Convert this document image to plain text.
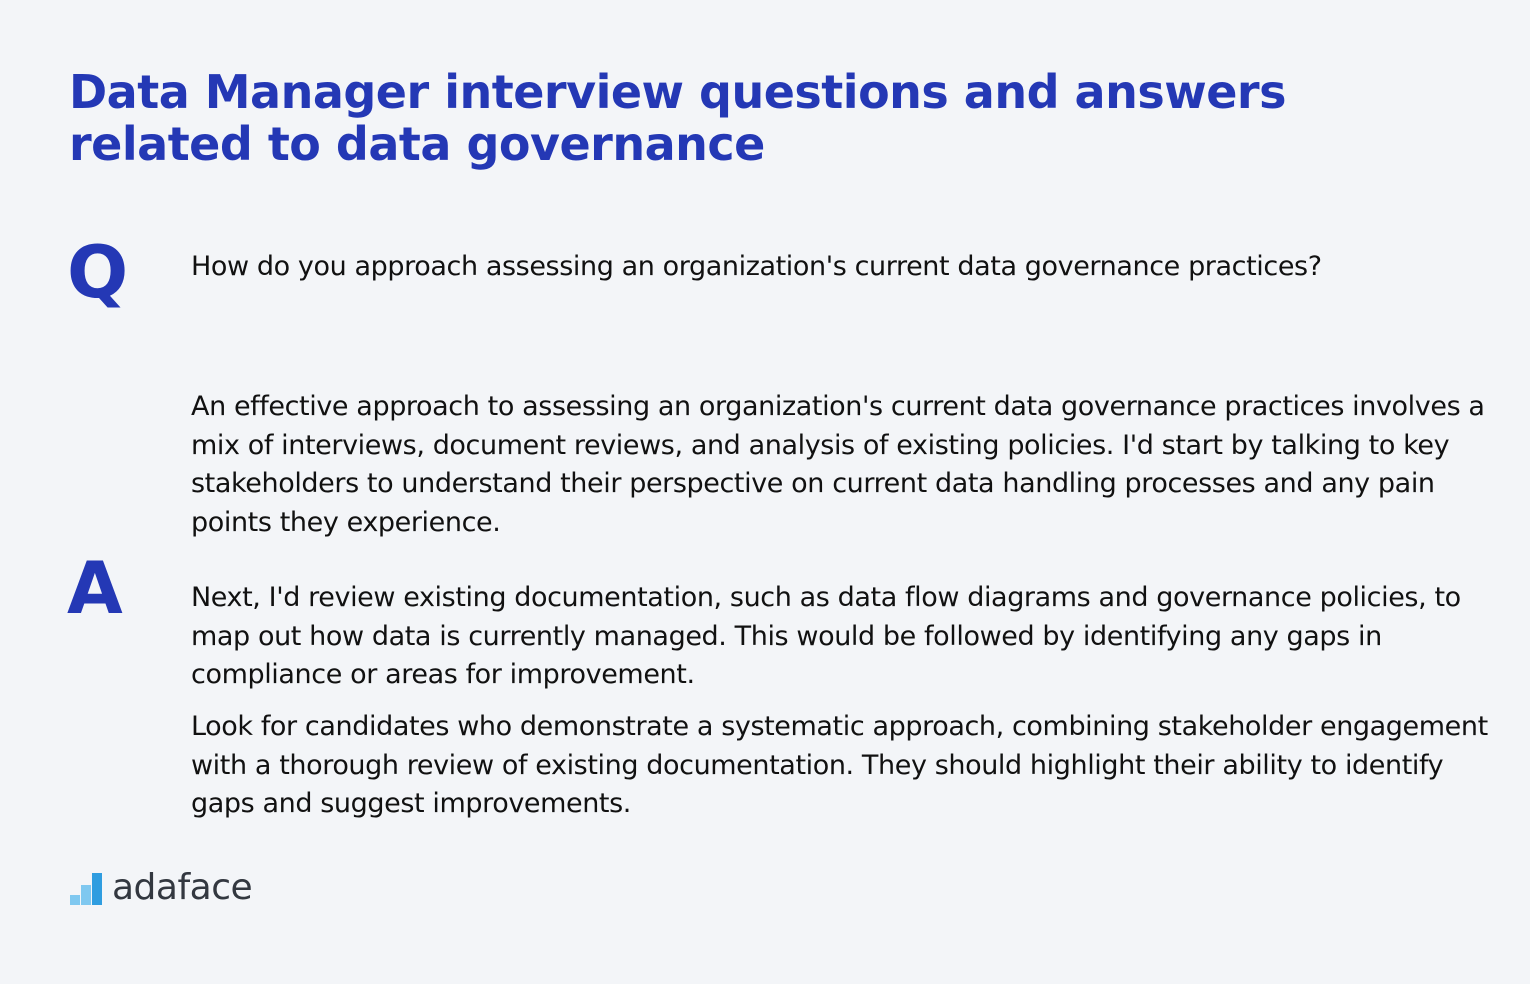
Data Manager interview questions and answers related to data governance
Q How do you approach assessing an organization's current data governance practices?

A

An effective approach to assessing an organization's current data governance practices involves a mix of interviews, document reviews, and analysis of existing policies. I'd start by talking to key stakeholders to understand their perspective on current data handling processes and any pain points they experience.

Next, I'd review existing documentation, such as data flow diagrams and governance policies, to map out how data is currently managed. This would be followed by identifying any gaps in compliance or areas for improvement.

Look for candidates who demonstrate a systematic approach, combining stakeholder engagement with a thorough review of existing documentation. They should highlight their ability to identify gaps and suggest improvements.

adaface
